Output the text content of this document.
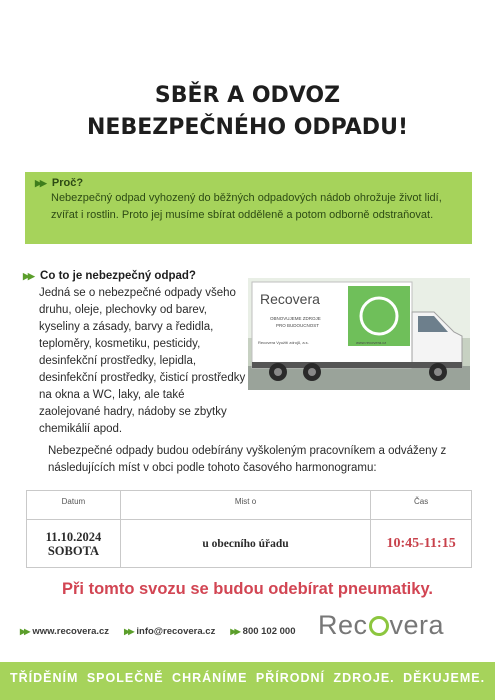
SBĚR A ODVOZ
NEBEZPEČNÉHO ODPADU!
▶▶ Proč?
Nebezpečný odpad vyhozený do běžných odpadových nádob ohrožuje život lidí, zvířat i rostlin. Proto jej musíme sbírat odděleně a potom odborně odstraňovat.
▶▶ Co to je nebezpečný odpad?
Jedná se o nebezpečné odpady všeho druhu, oleje, plechovky od barev, kyseliny a zásady, barvy a ředidla, teploměry, kosmetiku, pesticidy, desinfekční prostředky, lepidla, desinfekční prostředky, čisticí prostředky na okna a WC, laky, ale také zaolejované hadry, nádoby se zbytky chemikálií apod.
Recovera
OBNOVUJEME ZDROJE
PRO BUDOUCNOST
Recovera Využití zdrojů, a.s.	www.recovera.cz
Nebezpečné odpady budou odebírány vyškoleným pracovníkem a odváženy z následujících míst v obci podle tohoto časového harmonogramu:
Datum	Mist o	Čas

11.10.2024
SOBOTA	u obecního úřadu	10:45-11:15
Při tomto svozu se budou odebírat pneumatiky.
▶▶ www.recovera.cz ▶▶ info@recovera.cz ▶▶ 800 102 000 Rec vera
TŘÍDĚNÍM SPOLEČNĚ CHRÁNÍME PŘÍRODNÍ ZDROJE. DĚKUJEME.
